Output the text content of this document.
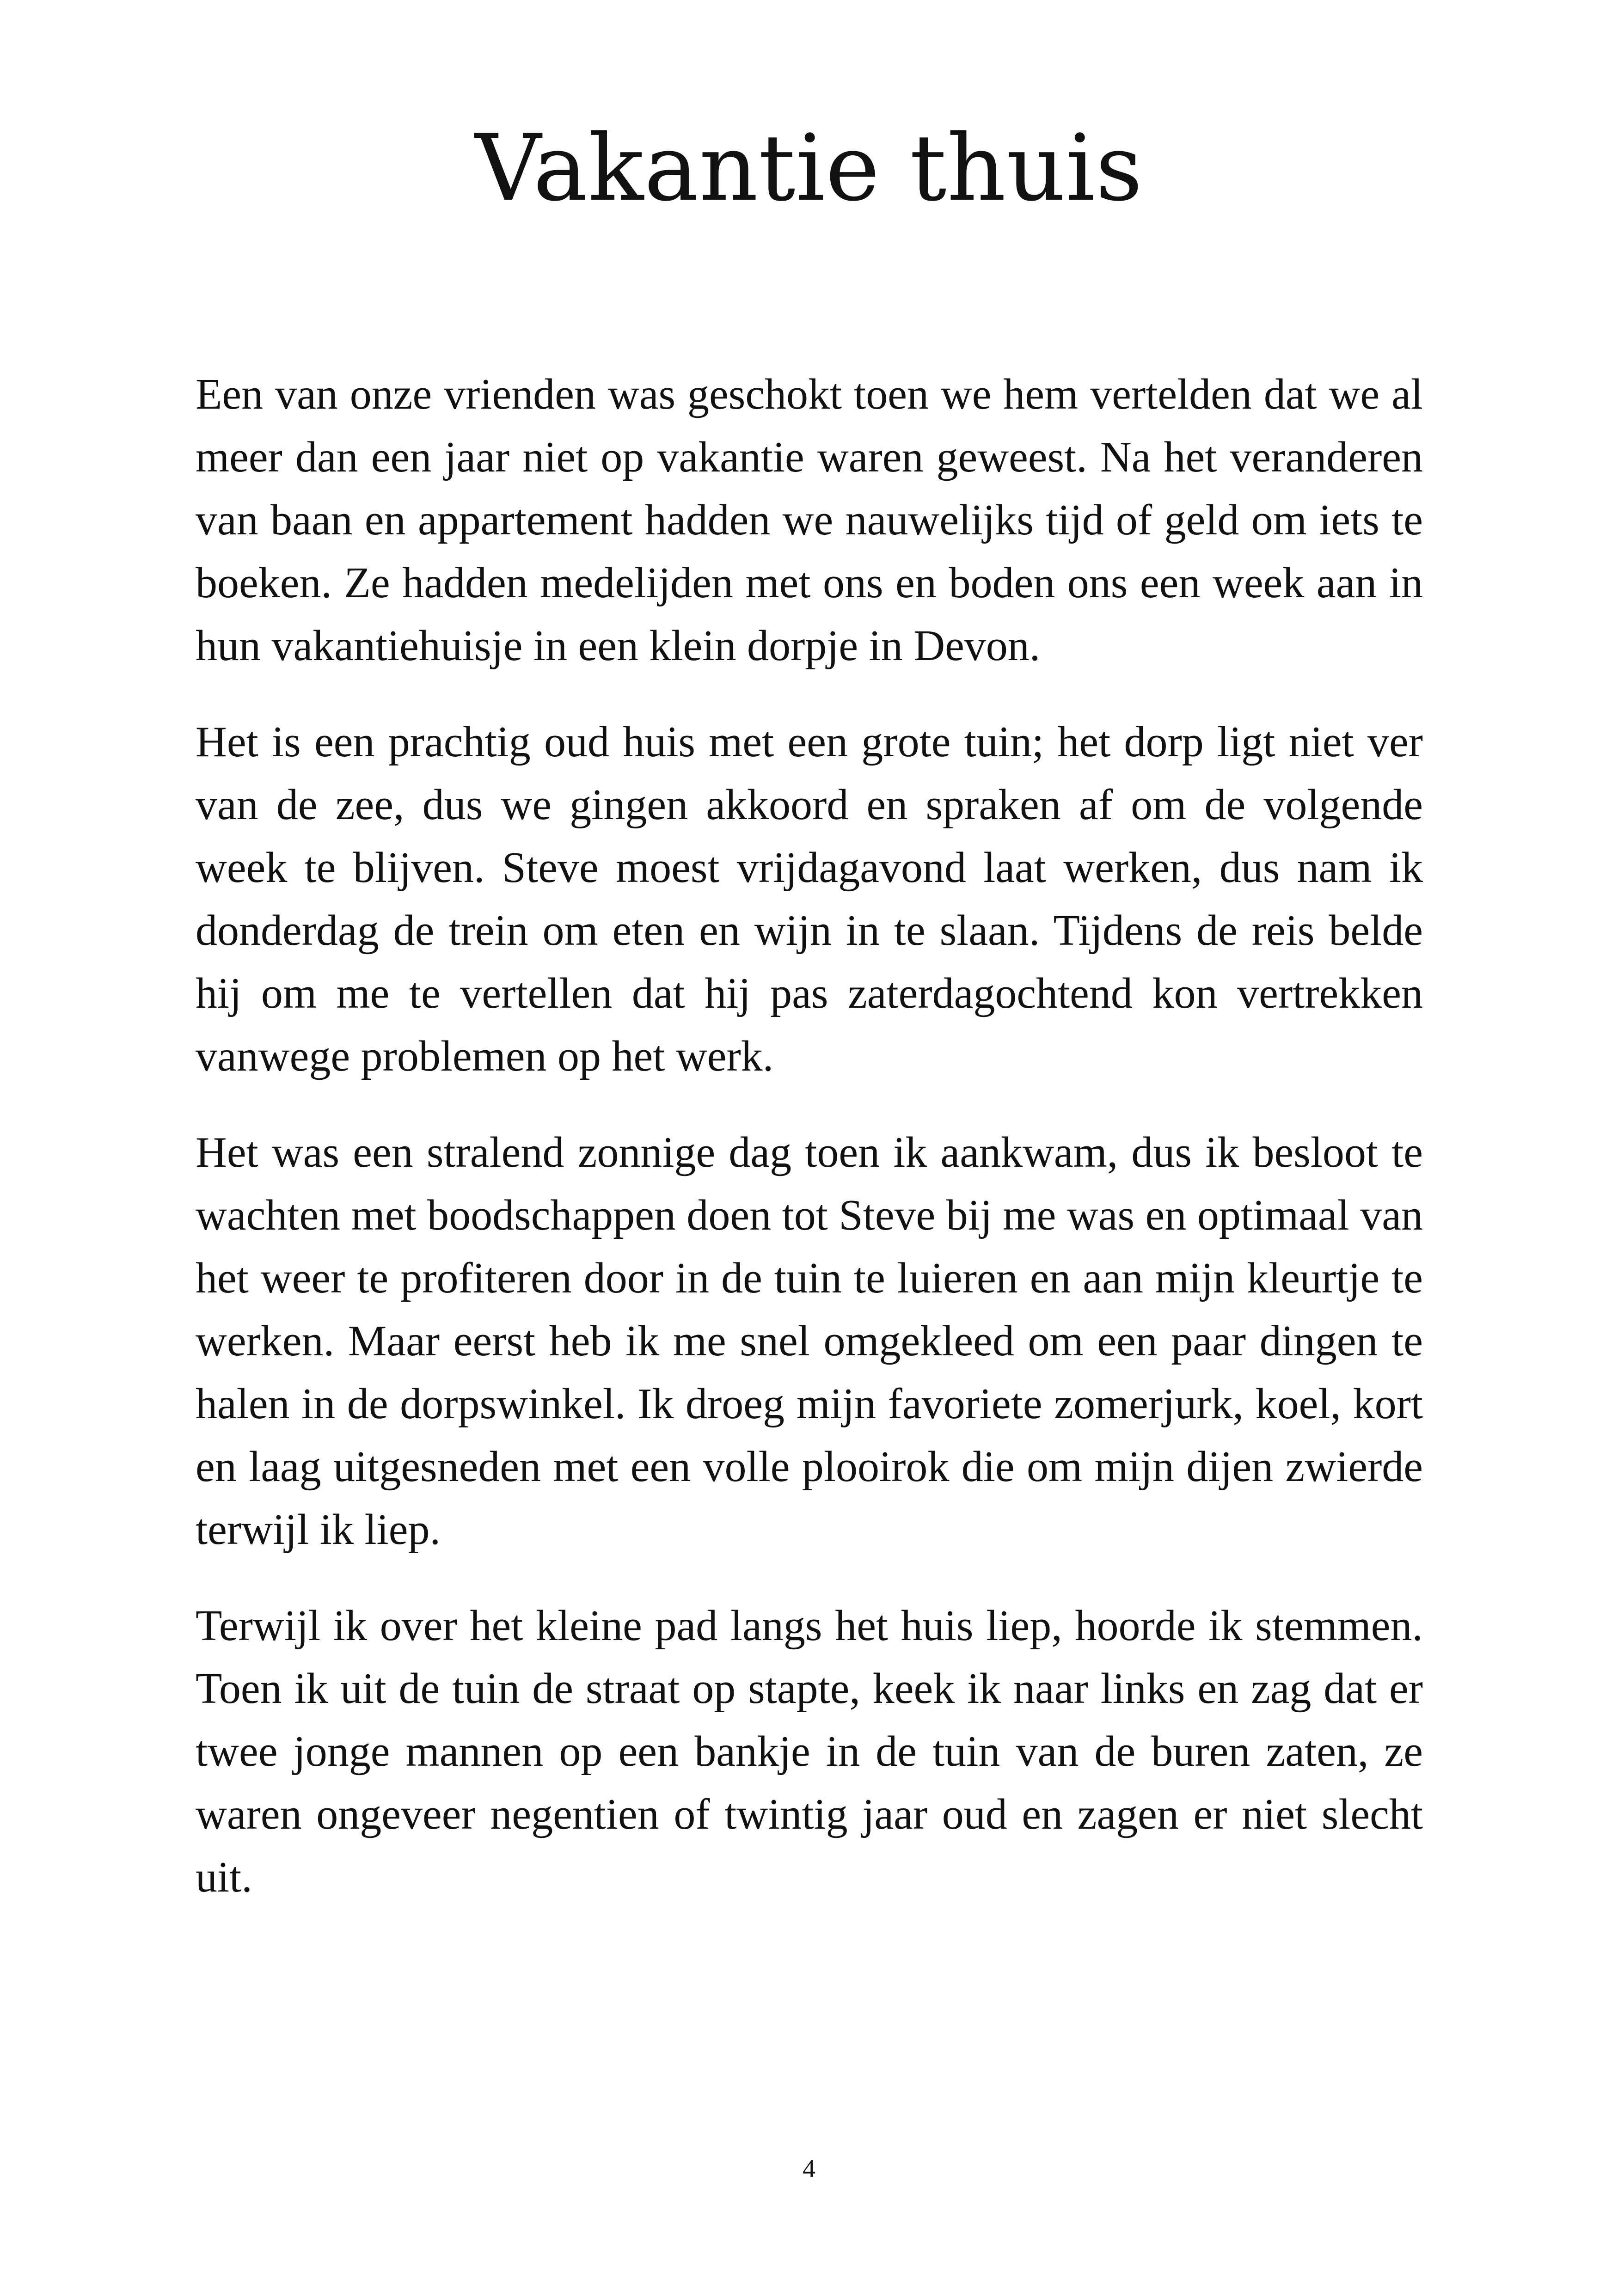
Vakantie thuis

Een van onze vrienden was geschokt toen we hem vertelden dat we al meer dan een jaar niet op vakantie waren geweest. Na het veranderen van baan en appartement hadden we nauwelijks tijd of geld om iets te boeken. Ze hadden medelijden met ons en boden ons een week aan in hun vakantiehuisje in een klein dorpje in Devon.

Het is een prachtig oud huis met een grote tuin; het dorp ligt niet ver van de zee, dus we gingen akkoord en spraken af om de volgende week te blijven. Steve moest vrijdagavond laat werken, dus nam ik donderdag de trein om eten en wijn in te slaan. Tijdens de reis belde hij om me te vertellen dat hij pas zaterdagochtend kon vertrekken vanwege problemen op het werk.

Het was een stralend zonnige dag toen ik aankwam, dus ik besloot te wachten met boodschappen doen tot Steve bij me was en optimaal van het weer te profiteren door in de tuin te luieren en aan mijn kleurtje te werken. Maar eerst heb ik me snel omgekleed om een paar dingen te halen in de dorpswinkel. Ik droeg mijn favoriete zomerjurk, koel, kort en laag uitgesneden met een volle plooirok die om mijn dijen zwierde terwijl ik liep.

Terwijl ik over het kleine pad langs het huis liep, hoorde ik stemmen. Toen ik uit de tuin de straat op stapte, keek ik naar links en zag dat er twee jonge mannen op een bankje in de tuin van de buren zaten, ze waren ongeveer negentien of twintig jaar oud en zagen er niet slecht uit.

4
